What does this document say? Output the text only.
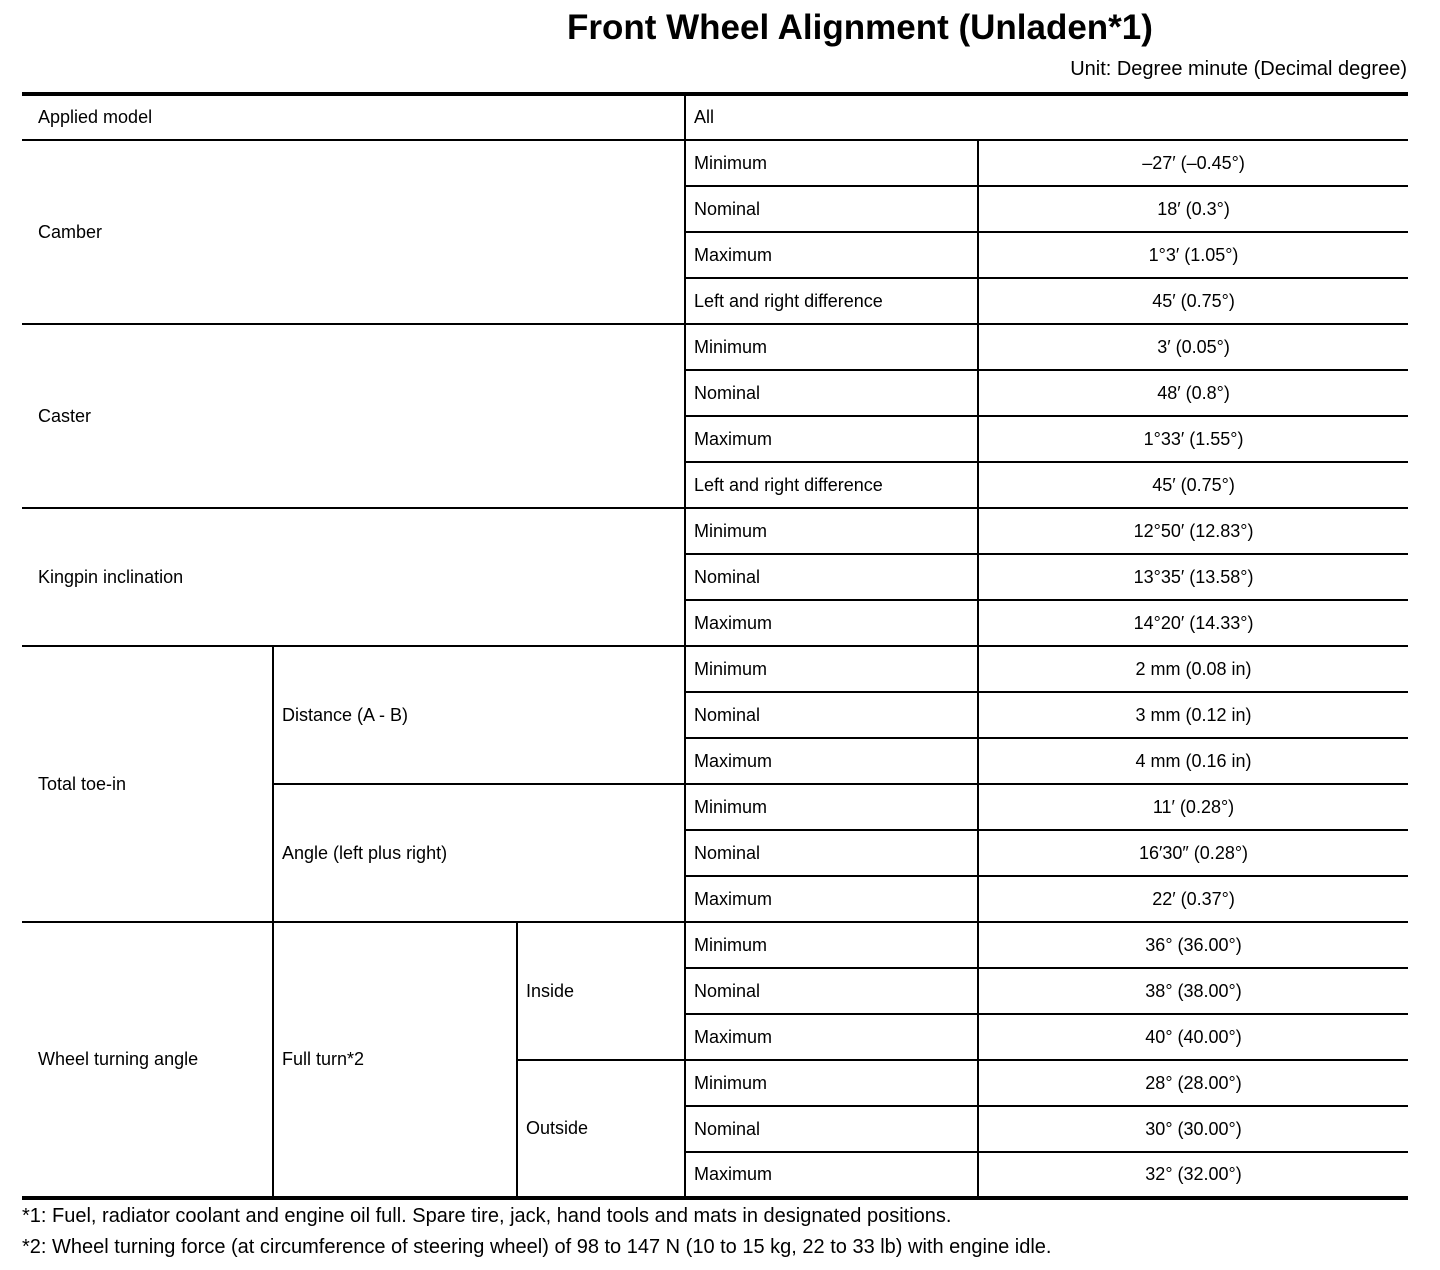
Front Wheel Alignment (Unladen*1)
Unit: Degree minute (Decimal degree)
Applied model			All	
Camber			Minimum	–27′ (–0.45°)
			Nominal	18′ (0.3°)
			Maximum	1°3′ (1.05°)
			Left and right difference	45′ (0.75°)
Caster			Minimum	3′ (0.05°)
			Nominal	48′ (0.8°)
			Maximum	1°33′ (1.55°)
			Left and right difference	45′ (0.75°)
Kingpin inclination			Minimum	12°50′ (12.83°)
			Nominal	13°35′ (13.58°)
			Maximum	14°20′ (14.33°)
Total toe-in	Distance (A - B)		Minimum	2 mm (0.08 in)
			Nominal	3 mm (0.12 in)
			Maximum	4 mm (0.16 in)
	Angle (left plus right)		Minimum	11′ (0.28°)
			Nominal	16′30″ (0.28°)
			Maximum	22′ (0.37°)
Wheel turning angle	Full turn*2	Inside	Minimum	36° (36.00°)
			Nominal	38° (38.00°)
			Maximum	40° (40.00°)
		Outside	Minimum	28° (28.00°)
			Nominal	30° (30.00°)
			Maximum	32° (32.00°)
*1: Fuel, radiator coolant and engine oil full. Spare tire, jack, hand tools and mats in designated positions.
*2: Wheel turning force (at circumference of steering wheel) of 98 to 147 N (10 to 15 kg, 22 to 33 lb) with engine idle.
